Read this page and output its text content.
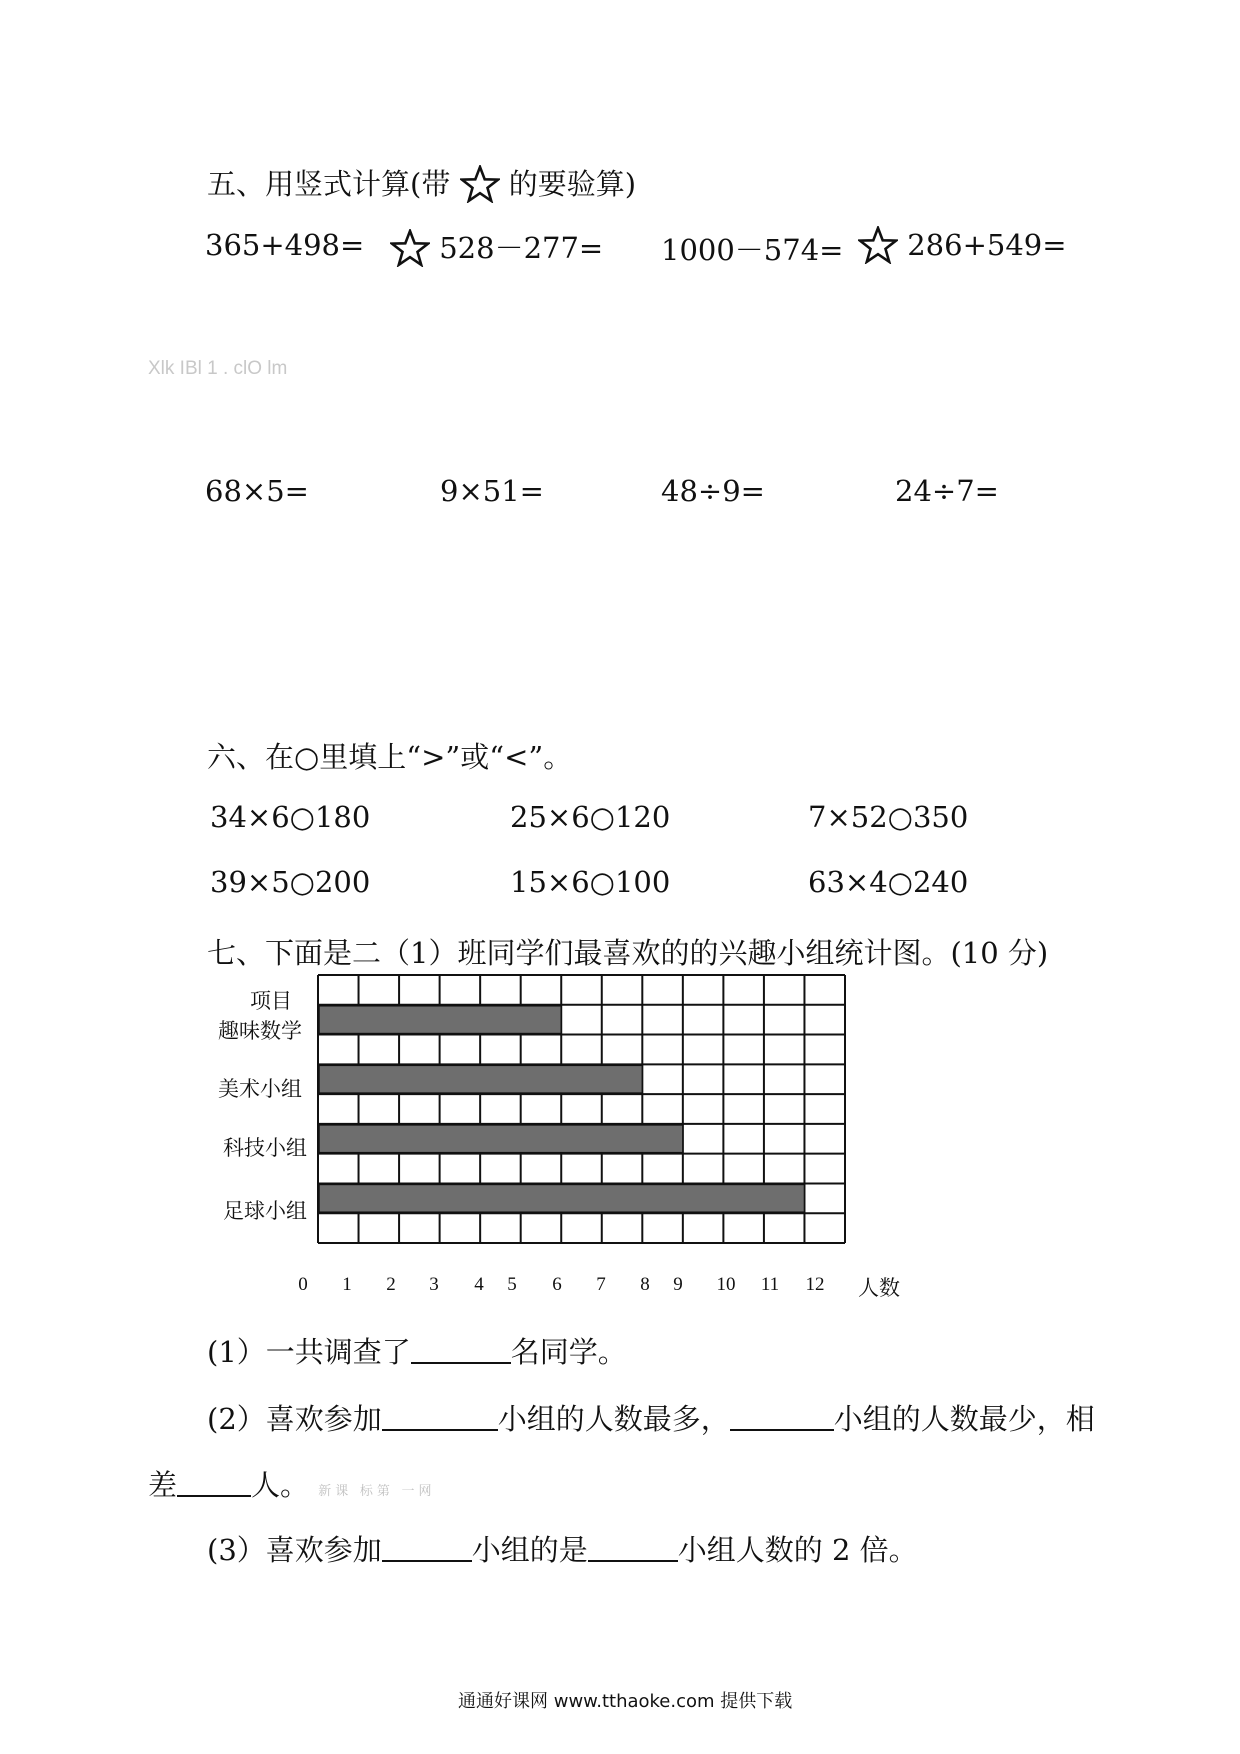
五、用竖式计算(带 的要验算)
365+498=	528－277= 1000－574=	286+549=
Xlk IBl 1 . clO lm
68×5=	9×51=	48÷9=	24÷7=
六、在○里填上“>”或“<”。
34×6○180	25×6○120	7×52○350
39×5○200	15×6○100	63×4○240
七、下面是二（1）班同学们最喜欢的的兴趣小组统计图。(10 分)
项目
趣味数学
美术小组
科技小组
足球小组
0	1	2	3	4	5	6	7	8	9	10	11	12 人数
(1）一共调查了	名同学。
(2）喜欢参加	小组的人数最多，	小组的人数最少，相
差	人。 新课 标第 一网
(3）喜欢参加	小组的是	小组人数的 2 倍。
通通好课网 www.tthaoke.com 提供下载
